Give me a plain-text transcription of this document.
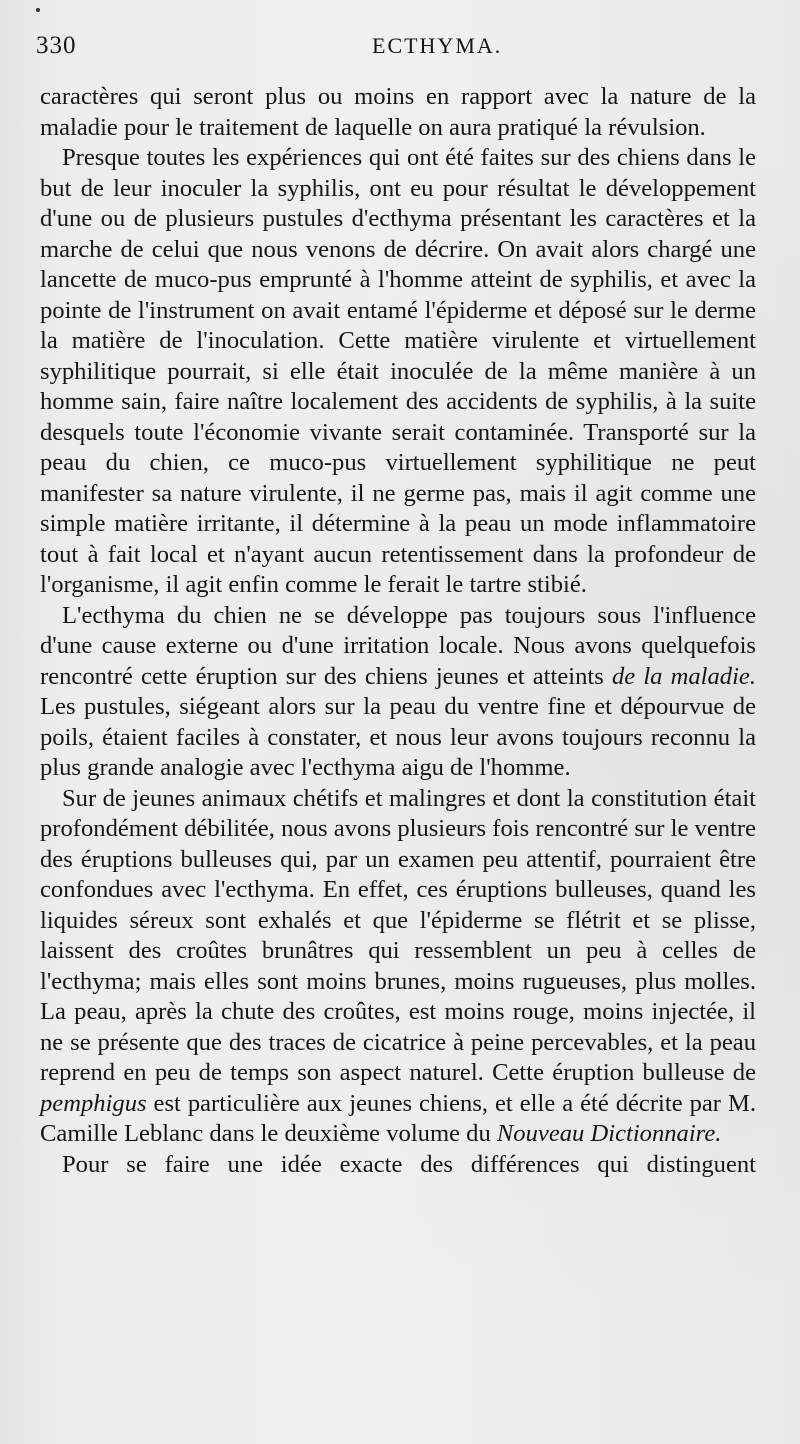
330	ECTHYMA.

caractères qui seront plus ou moins en rapport avec la nature de la maladie pour le traitement de laquelle on aura pratiqué la révulsion.

Presque toutes les expériences qui ont été faites sur des chiens dans le but de leur inoculer la syphilis, ont eu pour résultat le développement d'une ou de plusieurs pustules d'ecthyma présentant les caractères et la marche de celui que nous venons de décrire. On avait alors chargé une lancette de muco-pus emprunté à l'homme atteint de syphilis, et avec la pointe de l'instrument on avait entamé l'épiderme et déposé sur le derme la matière de l'inoculation. Cette matière virulente et virtuellement syphilitique pourrait, si elle était inoculée de la même manière à un homme sain, faire naître localement des accidents de syphilis, à la suite desquels toute l'économie vivante serait contaminée. Transporté sur la peau du chien, ce muco-pus virtuellement syphilitique ne peut manifester sa nature virulente, il ne germe pas, mais il agit comme une simple matière irritante, il détermine à la peau un mode inflammatoire tout à fait local et n'ayant aucun retentissement dans la profondeur de l'organisme, il agit enfin comme le ferait le tartre stibié.

L'ecthyma du chien ne se développe pas toujours sous l'influence d'une cause externe ou d'une irritation locale. Nous avons quelquefois rencontré cette éruption sur des chiens jeunes et atteints de la maladie. Les pustules, siégeant alors sur la peau du ventre fine et dépourvue de poils, étaient faciles à constater, et nous leur avons toujours reconnu la plus grande analogie avec l'ecthyma aigu de l'homme.

Sur de jeunes animaux chétifs et malingres et dont la constitution était profondément débilitée, nous avons plusieurs fois rencontré sur le ventre des éruptions bulleuses qui, par un examen peu attentif, pourraient être confondues avec l'ecthyma. En effet, ces éruptions bulleuses, quand les liquides séreux sont exhalés et que l'épiderme se flétrit et se plisse, laissent des croûtes brunâtres qui ressemblent un peu à celles de l'ecthyma; mais elles sont moins brunes, moins rugueuses, plus molles. La peau, après la chute des croûtes, est moins rouge, moins injectée, il ne se présente que des traces de cicatrice à peine percevables, et la peau reprend en peu de temps son aspect naturel. Cette éruption bulleuse de pemphigus est particulière aux jeunes chiens, et elle a été décrite par M. Camille Leblanc dans le deuxième volume du Nouveau Dictionnaire.

Pour se faire une idée exacte des différences qui distinguent
